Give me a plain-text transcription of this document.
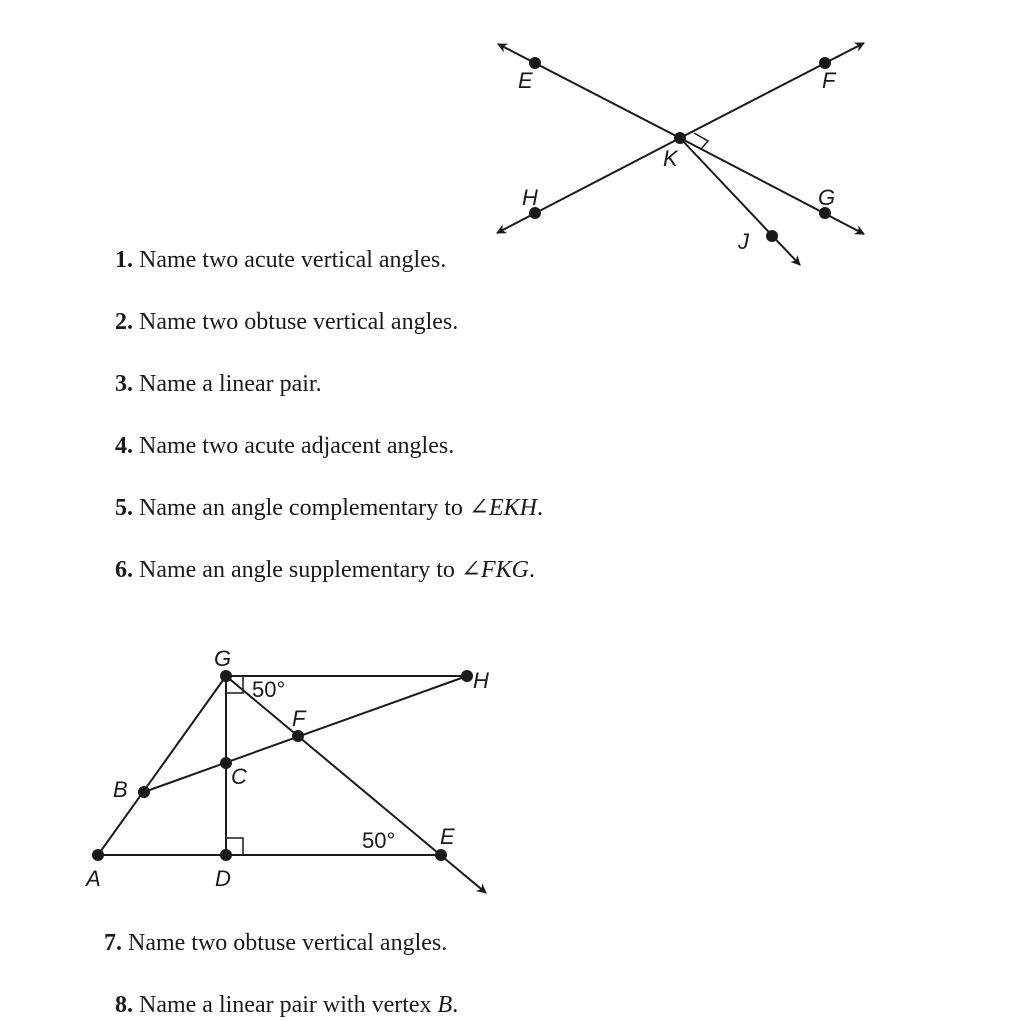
E	F
K
H	G
J
G
H
F
C
B
A	D
E
50°
50°

1. Name two acute vertical angles.

2. Name two obtuse vertical angles.

3. Name a linear pair.

4. Name two acute adjacent angles.

5. Name an angle complementary to ∠EKH.

6. Name an angle supplementary to ∠FKG.

7. Name two obtuse vertical angles.

8. Name a linear pair with vertex B.
